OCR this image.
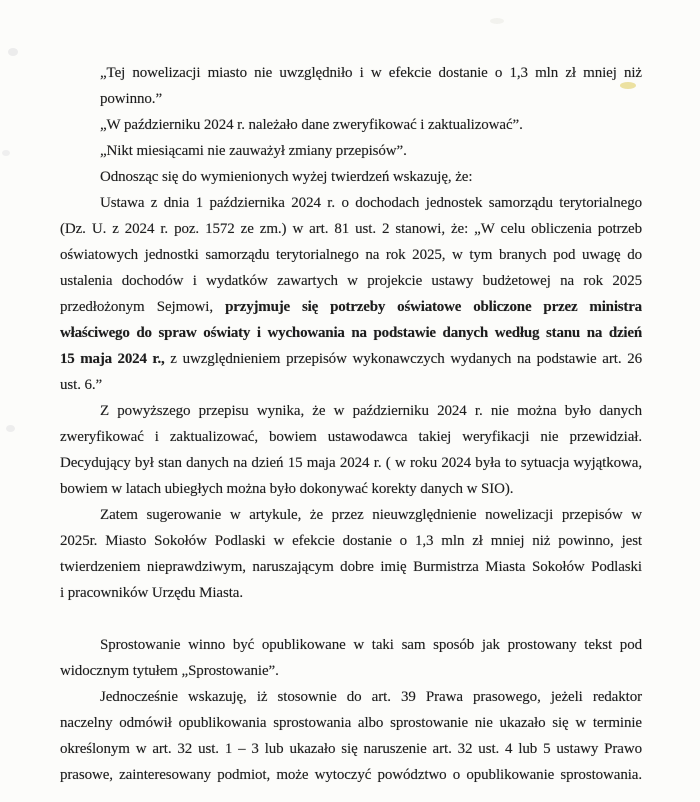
„Tej nowelizacji miasto nie uwzględniło i w efekcie dostanie o 1,3 mln zł mniej niż
powinno.”
„W październiku 2024 r. należało dane zweryfikować i zaktualizować”.
„Nikt miesiącami nie zauważył zmiany przepisów”.
Odnosząc się do wymienionych wyżej twierdzeń wskazuję, że:
Ustawa z dnia 1 października 2024 r. o dochodach jednostek samorządu terytorialnego
(Dz. U. z 2024 r. poz. 1572 ze zm.) w art. 81 ust. 2 stanowi, że: „W celu obliczenia potrzeb
oświatowych jednostki samorządu terytorialnego na rok 2025, w tym branych pod uwagę do
ustalenia dochodów i wydatków zawartych w projekcie ustawy budżetowej na rok 2025
przedłożonym Sejmowi, przyjmuje się potrzeby oświatowe obliczone przez ministra
właściwego do spraw oświaty i wychowania na podstawie danych według stanu na dzień
15 maja 2024 r., z uwzględnieniem przepisów wykonawczych wydanych na podstawie art. 26
ust. 6.”
Z powyższego przepisu wynika, że w październiku 2024 r. nie można było danych
zweryfikować i zaktualizować, bowiem ustawodawca takiej weryfikacji nie przewidział.
Decydujący był stan danych na dzień 15 maja 2024 r. ( w roku 2024 była to sytuacja wyjątkowa,
bowiem w latach ubiegłych można było dokonywać korekty danych w SIO).
Zatem sugerowanie w artykule, że przez nieuwzględnienie nowelizacji przepisów w
2025r. Miasto Sokołów Podlaski w efekcie dostanie o 1,3 mln zł mniej niż powinno, jest
twierdzeniem nieprawdziwym, naruszającym dobre imię Burmistrza Miasta Sokołów Podlaski
i pracowników Urzędu Miasta.
Sprostowanie winno być opublikowane w taki sam sposób jak prostowany tekst pod
widocznym tytułem „Sprostowanie”.
Jednocześnie wskazuję, iż stosownie do art. 39 Prawa prasowego, jeżeli redaktor
naczelny odmówił opublikowania sprostowania albo sprostowanie nie ukazało się w terminie
określonym w art. 32 ust. 1 – 3 lub ukazało się naruszenie art. 32 ust. 4 lub 5 ustawy Prawo
prasowe, zainteresowany podmiot, może wytoczyć powództwo o opublikowanie sprostowania.
